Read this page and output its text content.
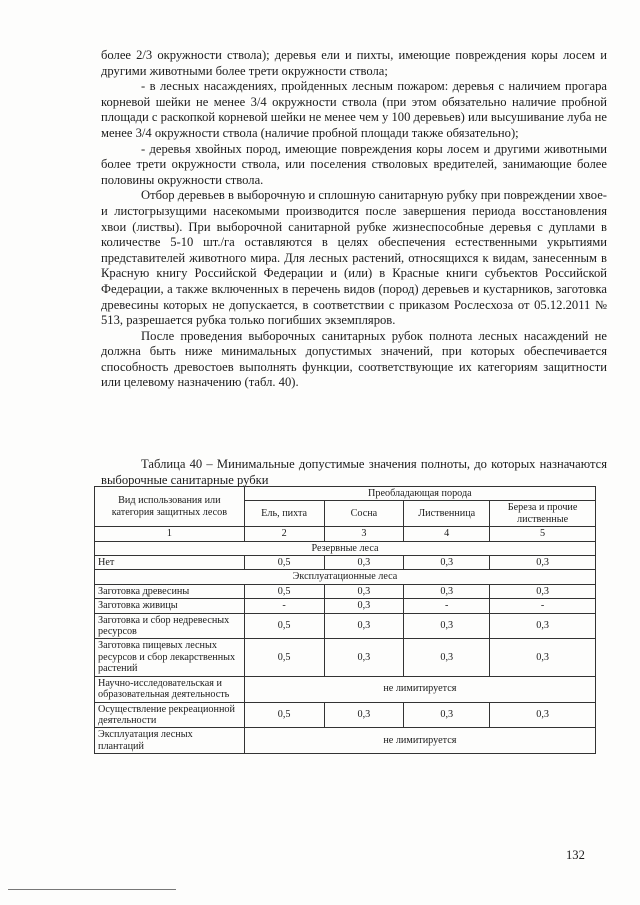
более 2/3 окружности ствола); деревья ели и пихты, имеющие повреждения коры лосем и другими животными более трети окружности ствола;

- в лесных насаждениях, пройденных лесным пожаром: деревья с наличием прогара корневой шейки не менее 3/4 окружности ствола (при этом обязательно наличие пробной площади с раскопкой корневой шейки не менее чем у 100 деревьев) или высушивание луба не менее 3/4 окружности ствола (наличие пробной площади также обязательно);

- деревья хвойных пород, имеющие повреждения коры лосем и другими животными более трети окружности ствола, или поселения стволовых вредителей, занимающие более половины окружности ствола.

Отбор деревьев в выборочную и сплошную санитарную рубку при повреждении хвое- и листогрызущими насекомыми производится после завершения периода восстановления хвои (листвы). При выборочной санитарной рубке жизнеспособные деревья с дуплами в количестве 5-10 шт./га оставляются в целях обеспечения естественными укрытиями представителей животного мира. Для лесных растений, относящихся к видам, занесенным в Красную книгу Российской Федерации и (или) в Красные книги субъектов Российской Федерации, а также включенных в перечень видов (пород) деревьев и кустарников, заготовка древесины которых не допускается, в соответствии с приказом Рослесхоза от 05.12.2011 № 513, разрешается рубка только погибших экземпляров.

После проведения выборочных санитарных рубок полнота лесных насаждений не должна быть ниже минимальных допустимых значений, при которых обеспечивается способность древостоев выполнять функции, соответствующие их категориям защитности или целевому назначению (табл. 40).

Таблица 40 – Минимальные допустимые значения полноты, до которых назначаются выборочные санитарные рубки
Вид использования или категория защитных лесов	Преобладающая порода			
	Ель, пихта	Сосна	Лиственница	Береза и прочие лиственные
1	2	3	4	5
Резервные леса				
Нет	0,5	0,3	0,3	0,3
Эксплуатационные леса				
Заготовка древесины	0,5	0,3	0,3	0,3
Заготовка живицы	-	0,3	-	-
Заготовка и сбор недревесных ресурсов	0,5	0,3	0,3	0,3
Заготовка пищевых лесных ресурсов и сбор лекарственных растений	0,5	0,3	0,3	0,3
Научно-исследовательская и образовательная деятельность	не лимитируется			
Осуществление рекреационной деятельности	0,5	0,3	0,3	0,3
Эксплуатация лесных плантаций	не лимитируется			
132
